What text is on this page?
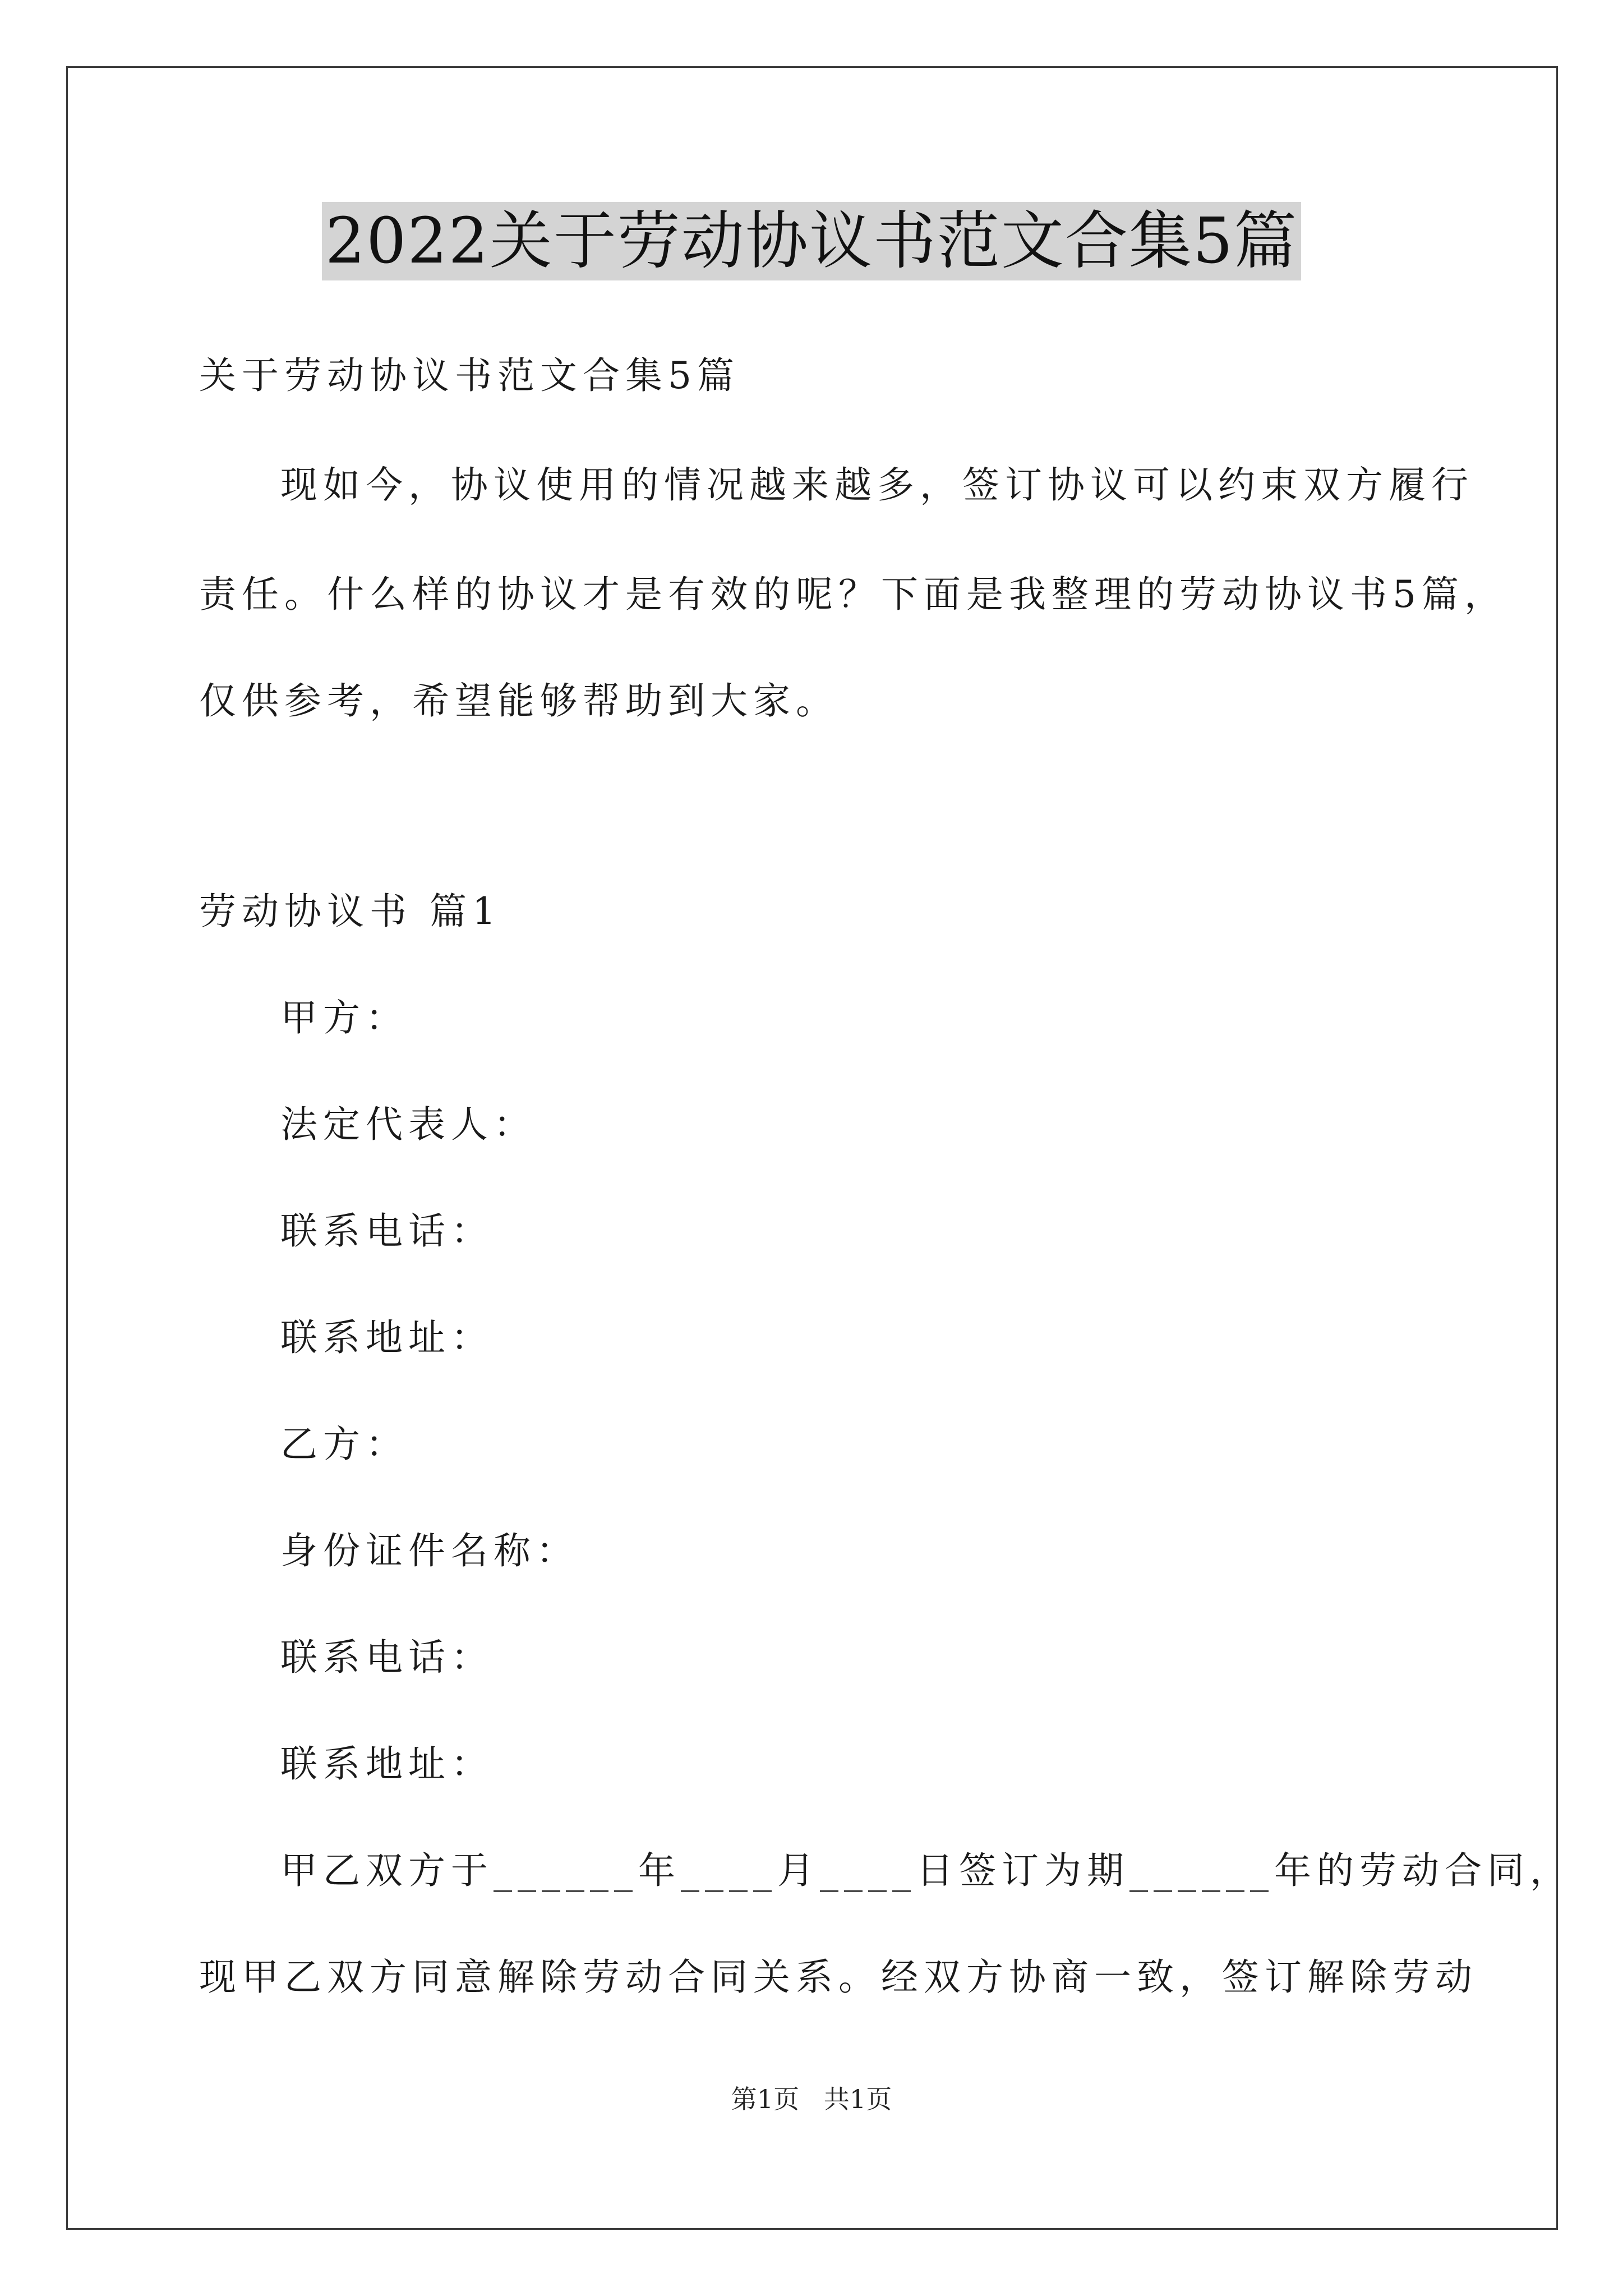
2022关于劳动协议书范文合集5篇
关于劳动协议书范文合集5篇
现如今，协议使用的情况越来越多，签订协议可以约束双方履行
责任。什么样的协议才是有效的呢？下面是我整理的劳动协议书5篇，
仅供参考，希望能够帮助到大家。
劳动协议书 篇1
甲方：
法定代表人：
联系电话：
联系地址：
乙方：
身份证件名称：
联系电话：
联系地址：
甲乙双方于______年____月____日签订为期______年的劳动合同，
现甲乙双方同意解除劳动合同关系。经双方协商一致，签订解除劳动
第1页   共1页
